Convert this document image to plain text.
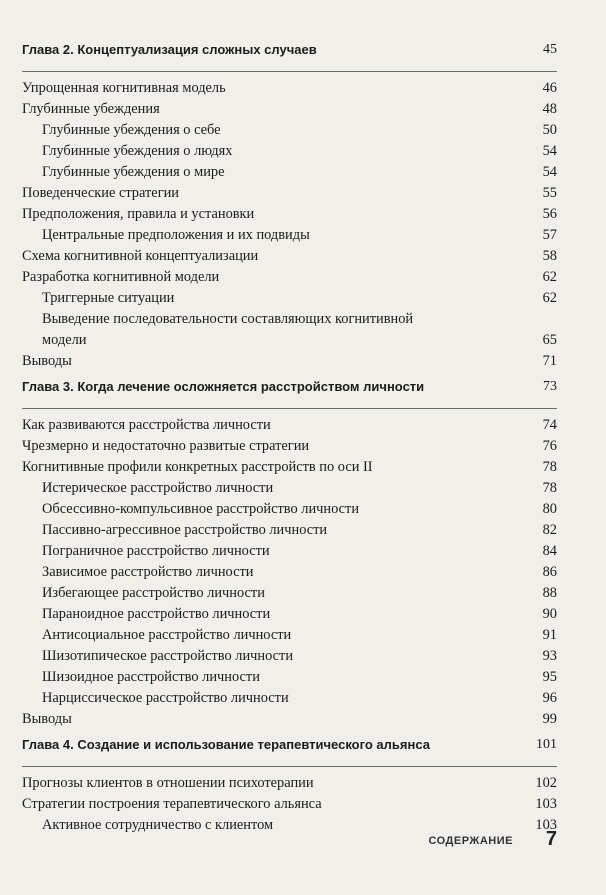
Глава 2. Концептуализация сложных случаев	45
Упрощенная когнитивная модель	46
Глубинные убеждения	48
Глубинные убеждения о себе	50
Глубинные убеждения о людях	54
Глубинные убеждения о мире	54
Поведенческие стратегии	55
Предположения, правила и установки	56
Центральные предположения и их подвиды	57
Схема когнитивной концептуализации	58
Разработка когнитивной модели	62
Триггерные ситуации	62
Выведение последовательности составляющих когнитивной модели	65
Выводы	71
Глава 3. Когда лечение осложняется расстройством личности	73
Как развиваются расстройства личности	74
Чрезмерно и недостаточно развитые стратегии	76
Когнитивные профили конкретных расстройств по оси II	78
Истерическое расстройство личности	78
Обсессивно-компульсивное расстройство личности	80
Пассивно-агрессивное расстройство личности	82
Пограничное расстройство личности	84
Зависимое расстройство личности	86
Избегающее расстройство личности	88
Параноидное расстройство личности	90
Антисоциальное расстройство личности	91
Шизотипическое расстройство личности	93
Шизоидное расстройство личности	95
Нарциссическое расстройство личности	96
Выводы	99
Глава 4. Создание и использование терапевтического альянса	101
Прогнозы клиентов в отношении психотерапии	102
Стратегии построения терапевтического альянса	103
Активное сотрудничество с клиентом	103
СОДЕРЖАНИЕ 7
